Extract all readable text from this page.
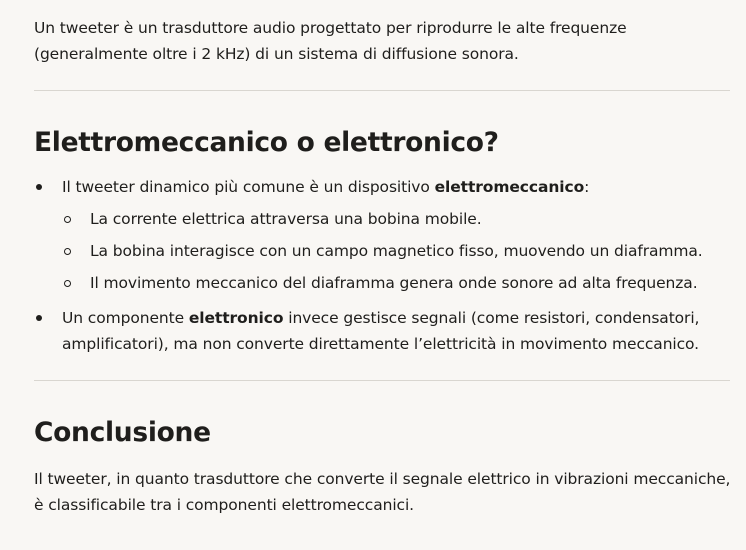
Un tweeter è un trasduttore audio progettato per riprodurre le alte frequenze (generalmente oltre i 2 kHz) di un sistema di diffusione sonora.

Elettromeccanico o elettronico?
Il tweeter dinamico più comune è un dispositivo elettromeccanico:
La corrente elettrica attraversa una bobina mobile.
La bobina interagisce con un campo magnetico fisso, muovendo un diaframma.
Il movimento meccanico del diaframma genera onde sonore ad alta frequenza.
Un componente elettronico invece gestisce segnali (come resistori, condensatori, amplificatori), ma non converte direttamente l’elettricità in movimento meccanico.
Conclusione

Il tweeter, in quanto trasduttore che converte il segnale elettrico in vibrazioni meccaniche, è classificabile tra i componenti elettromeccanici.
